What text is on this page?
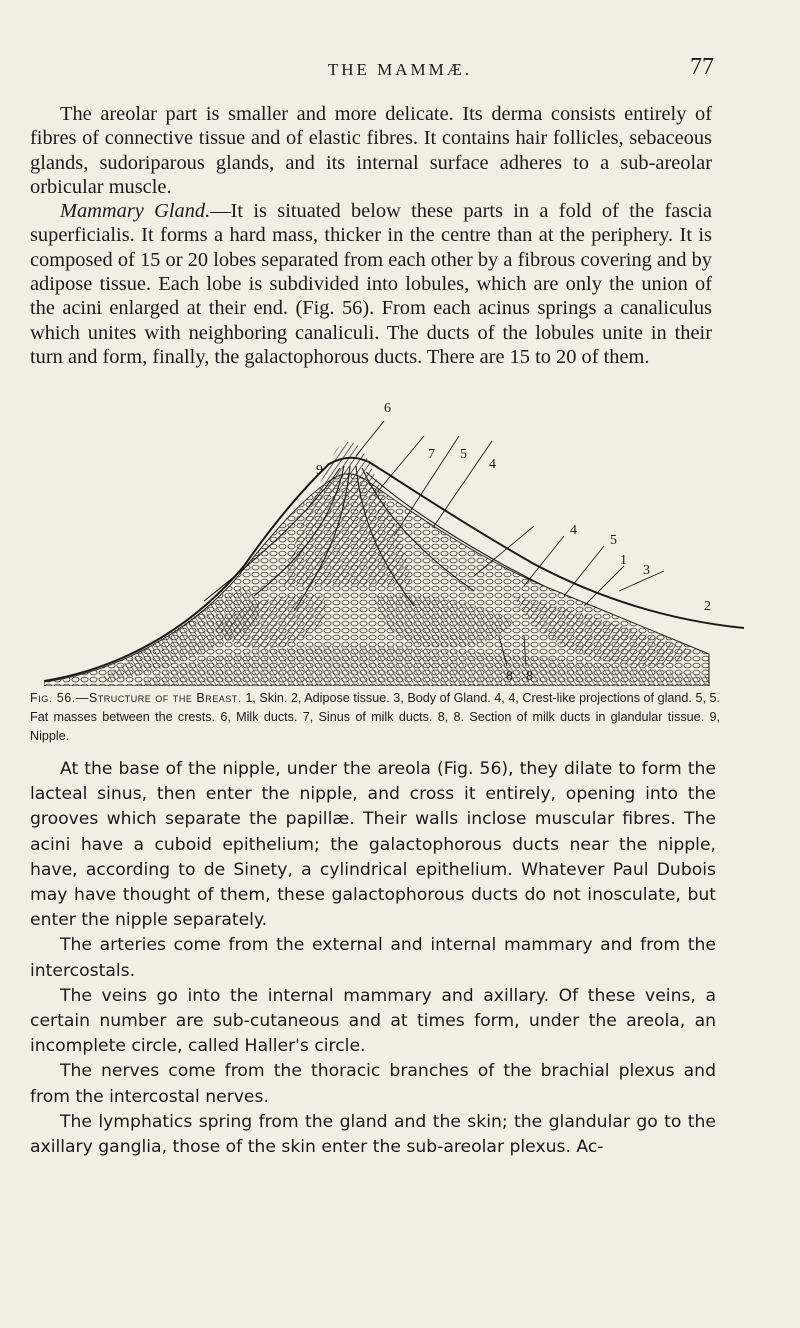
THE MAMMÆ.	77

The areolar part is smaller and more delicate. Its derma consists entirely of fibres of connective tissue and of elastic fibres. It contains hair follicles, sebaceous glands, sudoriparous glands, and its internal surface adheres to a sub-areolar orbicular muscle.

Mammary Gland.—It is situated below these parts in a fold of the fascia superficialis. It forms a hard mass, thicker in the centre than at the periphery. It is composed of 15 or 20 lobes separated from each other by a fibrous covering and by adipose tissue. Each lobe is subdivided into lobules, which are only the union of the acini enlarged at their end. (Fig. 56). From each acinus springs a canaliculus which unites with neighboring canaliculi. The ducts of the lobules unite in their turn and form, finally, the galactophorous ducts. There are 15 to 20 of them.

9
6
7 5
4
4
5
1
3
2
8 8
Fig. 56.—Structure of the Breast. 1, Skin. 2, Adipose tissue. 3, Body of Gland. 4, 4, Crest-like projections of gland. 5, 5. Fat masses between the crests. 6, Milk ducts. 7, Sinus of milk ducts. 8, 8. Section of milk ducts in glandular tissue. 9, Nipple.

At the base of the nipple, under the areola (Fig. 56), they dilate to form the lacteal sinus, then enter the nipple, and cross it entirely, opening into the grooves which separate the papillæ. Their walls inclose muscular fibres. The acini have a cuboid epithelium; the galactophorous ducts near the nipple, have, according to de Sinety, a cylindrical epithelium. Whatever Paul Dubois may have thought of them, these galactophorous ducts do not inosculate, but enter the nipple separately.

The arteries come from the external and internal mammary and from the intercostals.

The veins go into the internal mammary and axillary. Of these veins, a certain number are sub-cutaneous and at times form, under the areola, an incomplete circle, called Haller's circle.

The nerves come from the thoracic branches of the brachial plexus and from the intercostal nerves.

The lymphatics spring from the gland and the skin; the glandular go to the axillary ganglia, those of the skin enter the sub-areolar plexus. Ac-
